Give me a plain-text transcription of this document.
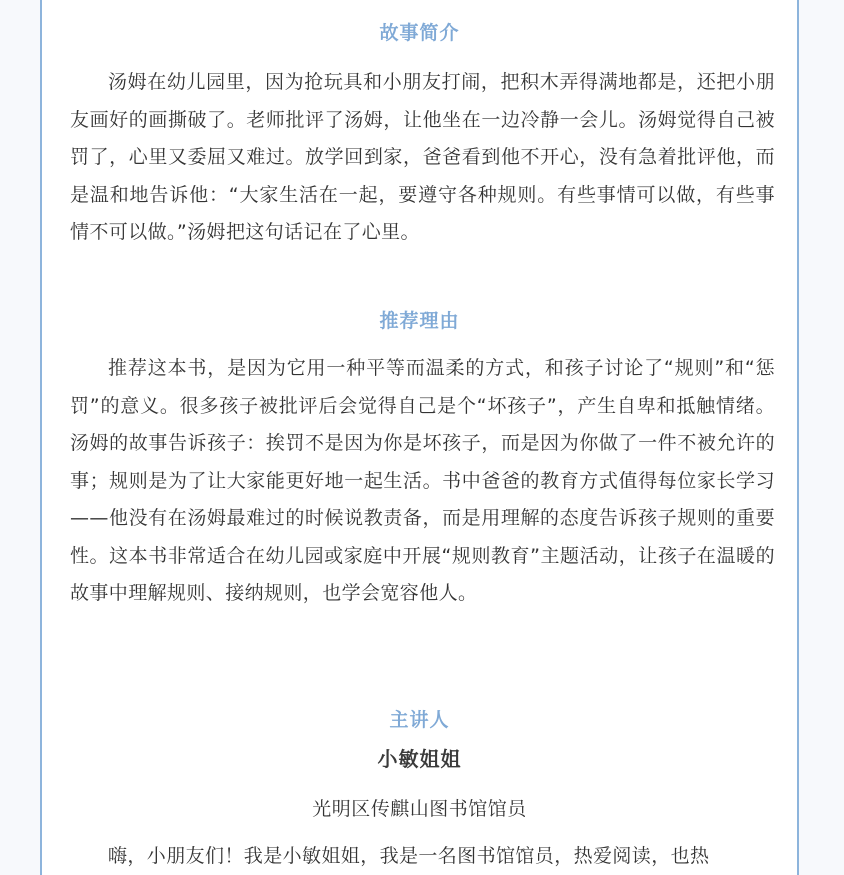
故事简介

汤姆在幼儿园里，因为抢玩具和小朋友打闹，把积木弄得满地都是，还把小朋友画好的画撕破了。老师批评了汤姆，让他坐在一边冷静一会儿。汤姆觉得自己被罚了，心里又委屈又难过。放学回到家，爸爸看到他不开心，没有急着批评他，而是温和地告诉他：“大家生活在一起，要遵守各种规则。有些事情可以做，有些事情不可以做。”汤姆把这句话记在了心里。

推荐理由

推荐这本书，是因为它用一种平等而温柔的方式，和孩子讨论了“规则”和“惩罚”的意义。很多孩子被批评后会觉得自己是个“坏孩子”，产生自卑和抵触情绪。汤姆的故事告诉孩子：挨罚不是因为你是坏孩子，而是因为你做了一件不被允许的事；规则是为了让大家能更好地一起生活。书中爸爸的教育方式值得每位家长学习——他没有在汤姆最难过的时候说教责备，而是用理解的态度告诉孩子规则的重要性。这本书非常适合在幼儿园或家庭中开展“规则教育”主题活动，让孩子在温暖的故事中理解规则、接纳规则，也学会宽容他人。

主讲人
小敏姐姐
光明区传麒山图书馆馆员

嗨，小朋友们！我是小敏姐姐，我是一名图书馆馆员，热爱阅读，也热
